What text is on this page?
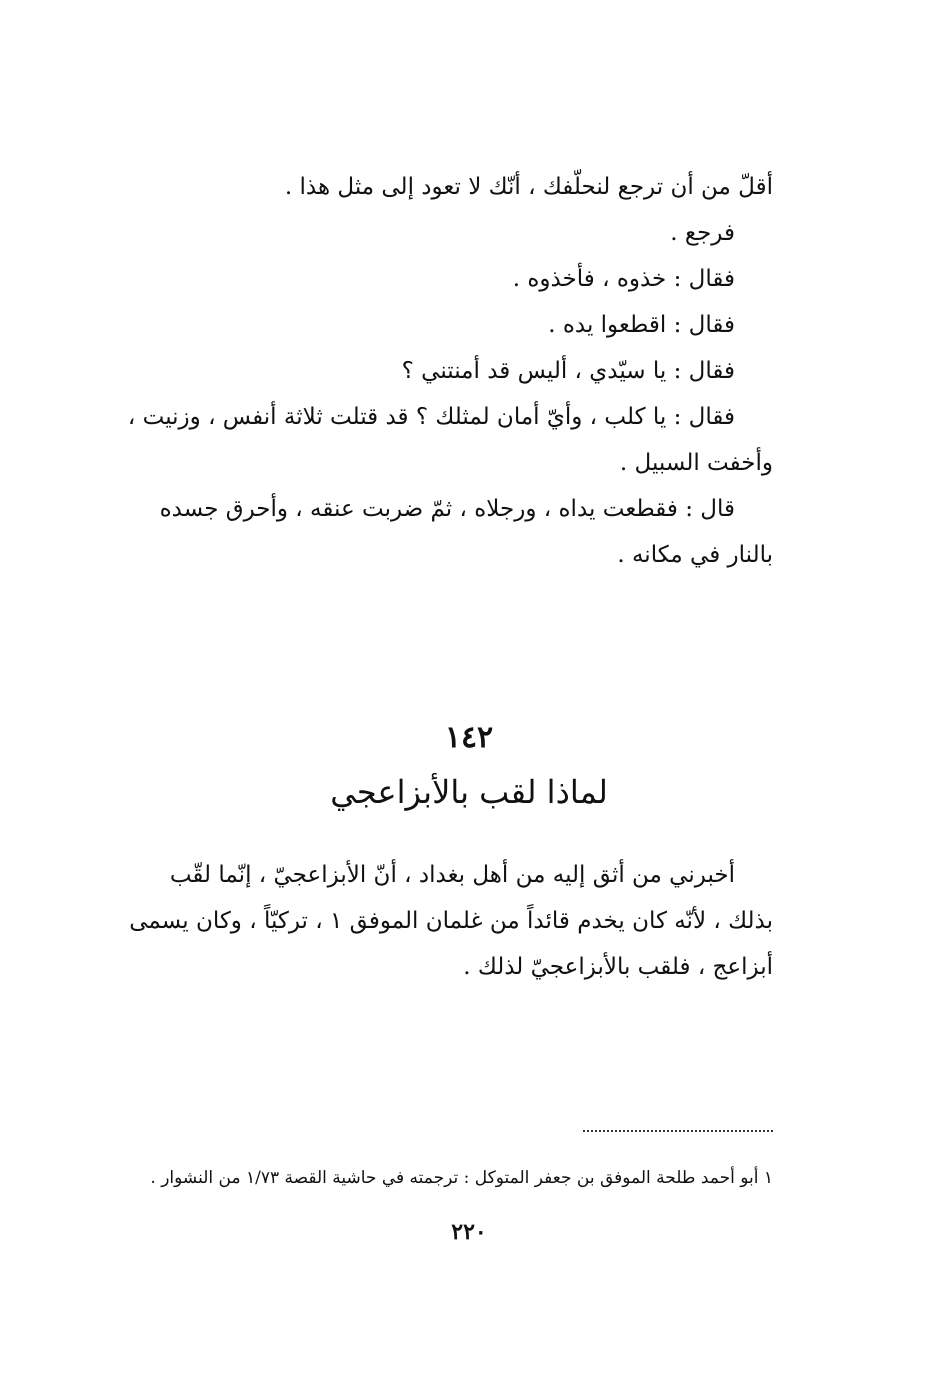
أقلّ من أن ترجع لنحلّفك ، أنّك لا تعود إلى مثل هذا .
فرجع .
فقال : خذوه ، فأخذوه .
فقال : اقطعوا يده .
فقال : يا سيّدي ، أليس قد أمنتني ؟
فقال : يا كلب ، وأيّ أمان لمثلك ؟ قد قتلت ثلاثة أنفس ، وزنيت ،
وأخفت السبيل .
قال : فقطعت يداه ، ورجلاه ، ثمّ ضربت عنقه ، وأحرق جسده
بالنار في مكانه .
١٤٢
لماذا لقب بالأبزاعجي
أخبرني من أثق إليه من أهل بغداد ، أنّ الأبزاعجيّ ، إنّما لقّب
بذلك ، لأنّه كان يخدم قائداً من غلمان الموفق ١ ، تركيّاً ، وكان يسمى
أبزاعج ، فلقب بالأبزاعجيّ لذلك .
١ أبو أحمد طلحة الموفق بن جعفر المتوكل : ترجمته في حاشية القصة ١/٧٣ من النشوار .
٢٢٠
